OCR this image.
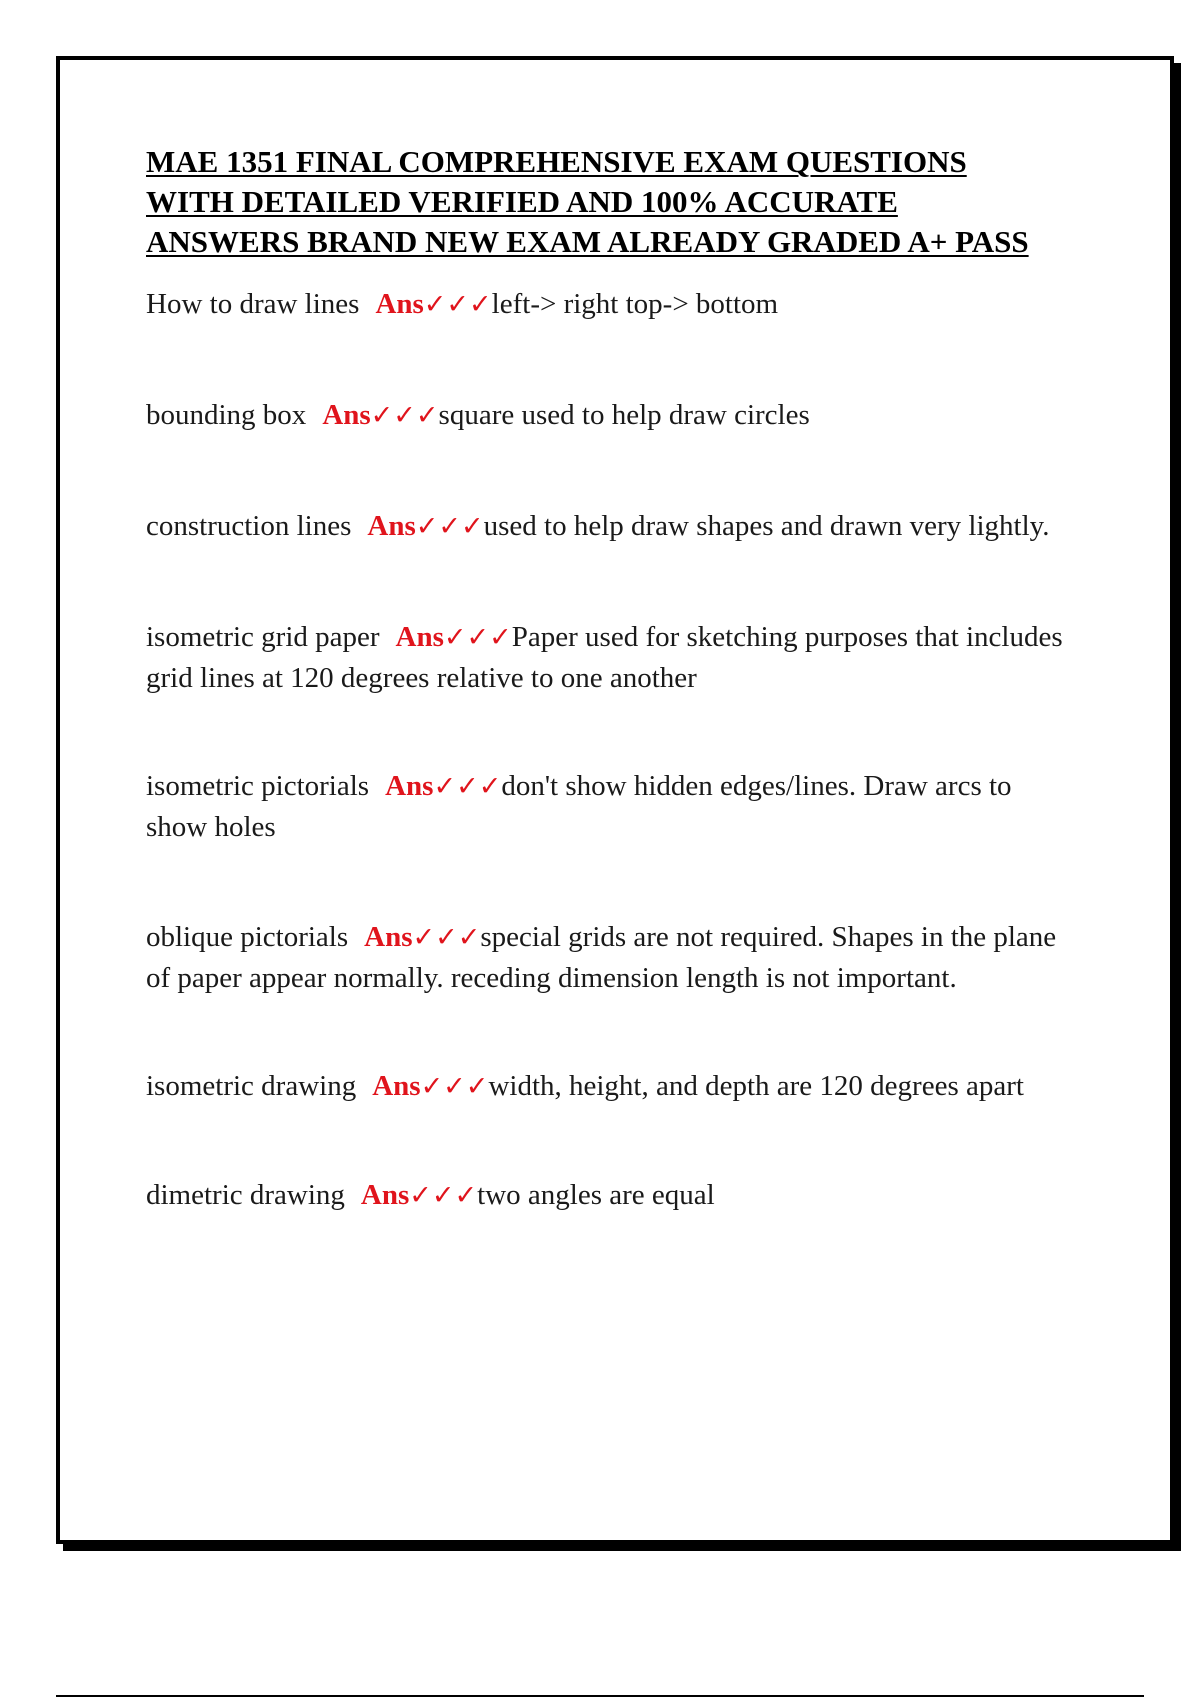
MAE 1351 FINAL COMPREHENSIVE EXAM QUESTIONS
WITH DETAILED VERIFIED AND 100% ACCURATE
ANSWERS BRAND NEW EXAM ALREADY GRADED A+ PASS

How to draw lines Ans✓✓✓left-> right top-> bottom

bounding box Ans✓✓✓square used to help draw circles

construction lines Ans✓✓✓used to help draw shapes and drawn very lightly.

isometric grid paper Ans✓✓✓Paper used for sketching purposes that includes grid lines at 120 degrees relative to one another

isometric pictorials Ans✓✓✓don't show hidden edges/lines. Draw arcs to show holes

oblique pictorials Ans✓✓✓special grids are not required. Shapes in the plane of paper appear normally. receding dimension length is not important.

isometric drawing Ans✓✓✓width, height, and depth are 120 degrees apart

dimetric drawing Ans✓✓✓two angles are equal
